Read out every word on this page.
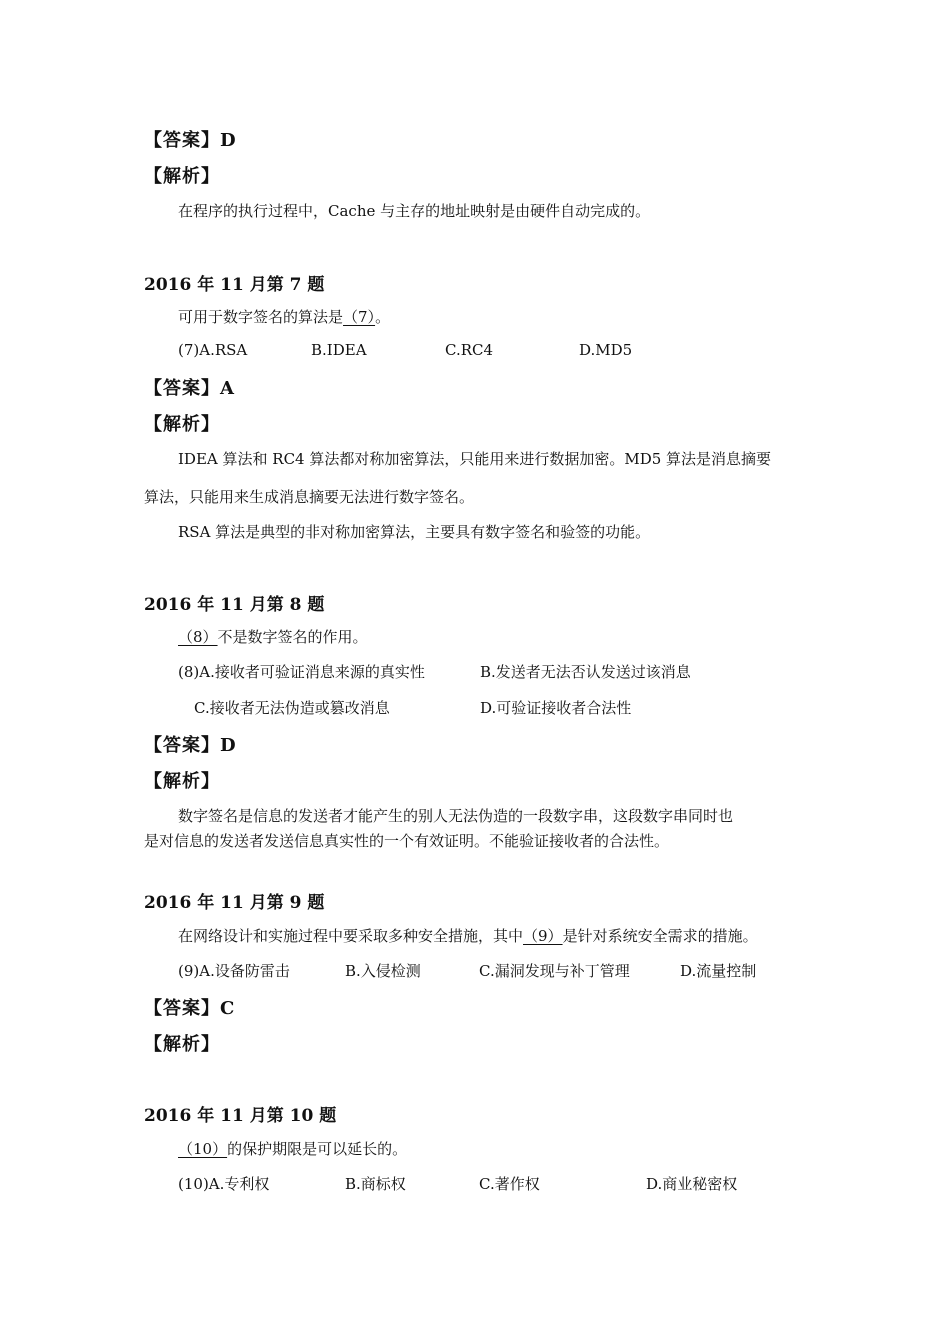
【答案】D
【解析】
在程序的执行过程中，Cache 与主存的地址映射是由硬件自动完成的。
2016 年 11 月第 7 题
可用于数字签名的算法是（7）。
(7)A.RSA	B.IDEA	C.RC4	D.MD5
【答案】A
【解析】
IDEA 算法和 RC4 算法都对称加密算法，只能用来进行数据加密。MD5 算法是消息摘要
算法，只能用来生成消息摘要无法进行数字签名。
RSA 算法是典型的非对称加密算法，主要具有数字签名和验签的功能。
2016 年 11 月第 8 题
（8）不是数字签名的作用。
(8)A.接收者可验证消息来源的真实性	B.发送者无法否认发送过该消息
C.接收者无法伪造或篡改消息	D.可验证接收者合法性
【答案】D
【解析】
数字签名是信息的发送者才能产生的别人无法伪造的一段数字串，这段数字串同时也
是对信息的发送者发送信息真实性的一个有效证明。不能验证接收者的合法性。
2016 年 11 月第 9 题
在网络设计和实施过程中要采取多种安全措施，其中（9）是针对系统安全需求的措施。
(9)A.设备防雷击	B.入侵检测	C.漏洞发现与补丁管理	D.流量控制
【答案】C
【解析】
2016 年 11 月第 10 题
（10）的保护期限是可以延长的。
(10)A.专利权	B.商标权	C.著作权	D.商业秘密权
